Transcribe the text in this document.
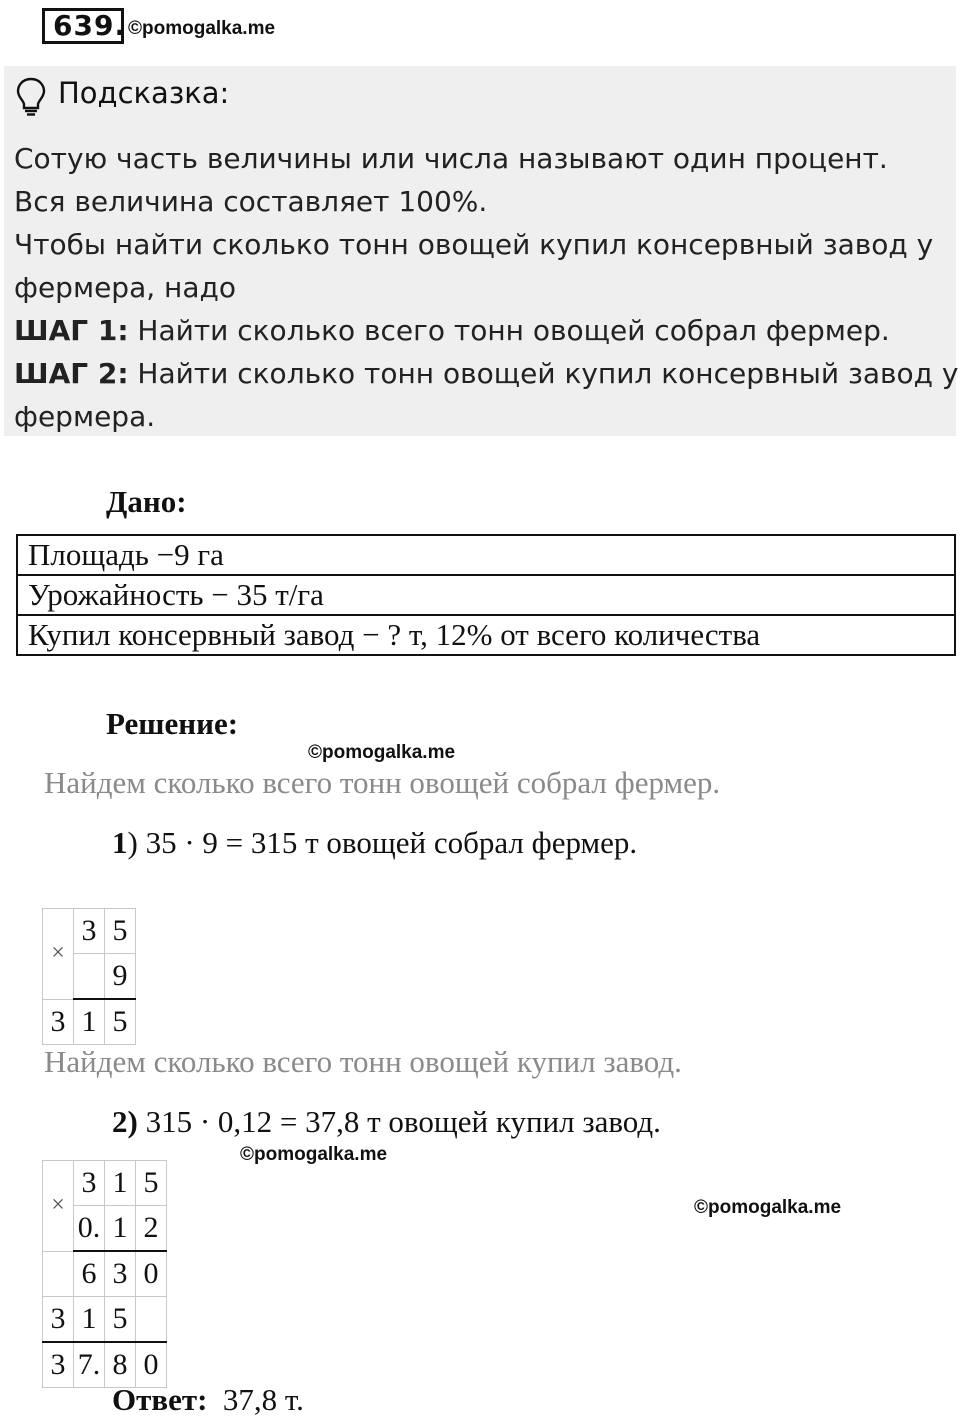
639. ©pomogalka.me
Подсказка:
Сотую часть величины или числа называют один процент.
Вся величина составляет 100%.
Чтобы найти сколько тонн овощей купил консервный завод у
фермера, надо
ШАГ 1: Найти сколько всего тонн овощей собрал фермер.
ШАГ 2: Найти сколько тонн овощей купил консервный завод у
фермера.
Дано:
Площадь −9 га
Урожайность − 35 т/га
Купил консервный завод − ? т, 12% от всего количества
Решение:
©pomogalka.me
Найдем сколько всего тонн овощей собрал фермер.
1) 35 · 9 = 315 т овощей собрал фермер.
×	3	5
		9
3	1	5
Найдем сколько всего тонн овощей купил завод.
2) 315 · 0,12 = 37,8 т овощей купил завод.
©pomogalka.me
©pomogalka.me
×	3	1	5
	0.	1	2
	6	3	0
3	1	5	
3	7.	8	0
Ответ: 37,8 т.
